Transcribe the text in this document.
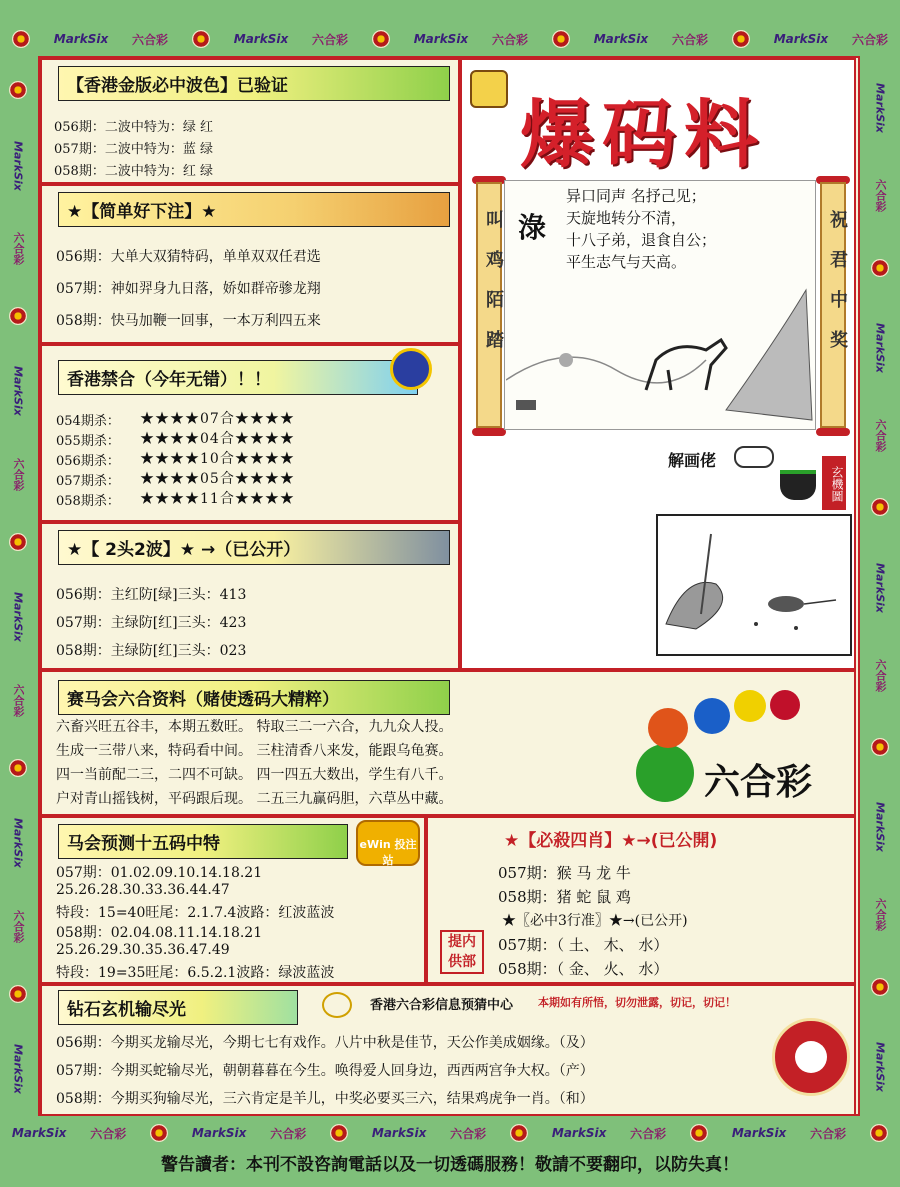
MarkSix 六合彩	MarkSix 六合彩	MarkSix 六合彩	MarkSix 六合彩	MarkSix 六合彩
MarkSix 六合彩	MarkSix 六合彩	MarkSix 六合彩	MarkSix 六合彩	MarkSix 六合彩
MarkSix
六合彩
MarkSix
六合彩
MarkSix
六合彩
MarkSix
六合彩
MarkSix
MarkSix
六合彩
MarkSix
六合彩
MarkSix
六合彩
MarkSix
六合彩
MarkSix
【香港金版必中波色】已验证
056期：二波中特为：绿 红
057期：二波中特为：蓝 绿
058期：二波中特为：红 绿
★【简单好下注】★
056期：大单大双猜特码，单单双双任君选
057期：神如羿身九日落，娇如群帝骖龙翔
058期：快马加鞭一回事，一本万利四五来
香港禁合（今年无错）！！
054期杀： ★★★★07合★★★★
055期杀： ★★★★04合★★★★
056期杀： ★★★★10合★★★★
057期杀： ★★★★05合★★★★
058期杀： ★★★★11合★★★★
★【 2头2波】★ →（已公开）
056期：主红防[绿]三头：413
057期：主绿防[红]三头：423
058期：主绿防[红]三头：023
爆码料
叫鸡陌踏	祝君中奖
淥
异口同声 名抒己见；
天旋地转分不清，
十八子弟，退食自公；
平生志气与天高。
解画佬
玄機圖
赛马会六合资料（赌使透码大精粹）
六畜兴旺五谷丰，本期五数旺。 特取三二一六合，九九众人投。
生成一三带八来，特码看中间。 三柱清香八来发，能跟乌龟赛。
四一当前配二三，二四不可缺。 四一四五大数出，学生有八千。
户对青山摇钱树，平码跟后现。 二五三九赢码胆，六草丛中藏。	六合彩
马会预测十五码中特	eWin 投注站
057期：01.02.09.10.14.18.21
25.26.28.30.33.36.44.47
特段：15=40旺尾：2.1.7.4波路：红波蓝波
058期：02.04.08.11.14.18.21
25.26.29.30.35.36.47.49
特段：19=35旺尾：6.5.2.1波路：绿波蓝波
★【必殺四肖】★→(已公開)
057期：猴 马 龙 牛
058期：猪 蛇 鼠 鸡
★〖必中3行准〗★→(已公开)
057期：（ 土、 木、 水）
058期：（ 金、 火、 水）
提内供部
钻石玄机输尽光	香港六合彩信息预猜中心 本期如有所悟，切勿泄露，切记，切记！
056期：今期买龙输尽光，今期七七有戏作。八片中秋是佳节，天公作美成姻缘。（及）
057期：今期买蛇输尽光，朝朝暮暮在今生。唤得爱人回身边，西西两宫争大权。（产）
058期：今期买狗输尽光，三六肯定是羊儿，中奖必要买三六，结果鸡虎争一肖。（和）
警告讀者：本刊不設咨詢電話以及一切透碼服務！敬請不要翻印，以防失真！
